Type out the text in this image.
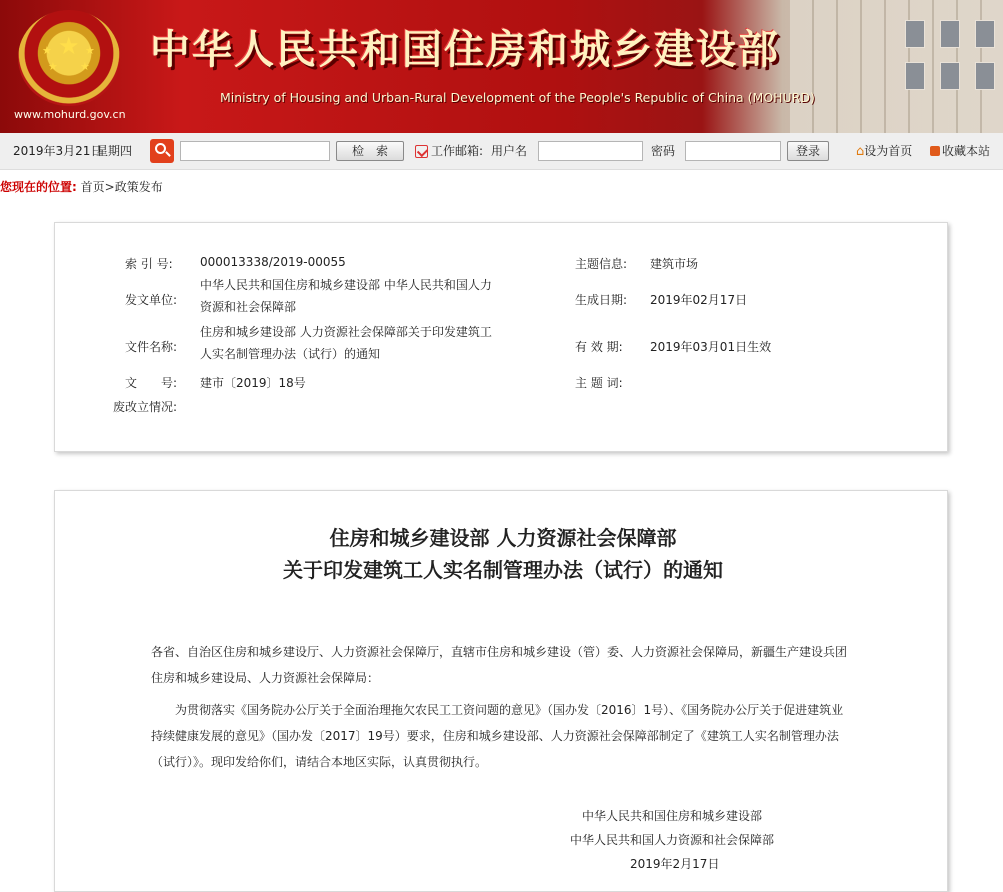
★
★	★
★ ★
www.mohurd.gov.cn
中华人民共和国住房和城乡建设部
Ministry of Housing and Urban-Rural Development of the People's Republic of China (MOHURD)
2019年3月21日
星期四	检　索	工作邮箱: 用户名	密码	登录	⌂设为首页	收藏本站
您现在的位置: 首页>政策发布
索 引 号: 000013338/2019-00055	主题信息: 建筑市场
发文单位:
中华人民共和国住房和城乡建设部 中华人民共和国人力资源和社会保障部	生成日期: 2019年02月17日
文件名称:
住房和城乡建设部 人力资源社会保障部关于印发建筑工人实名制管理办法（试行）的通知	有 效 期: 2019年03月01日生效
文　　号: 建市〔2019〕18号	主 题 词:
废改立情况:
住房和城乡建设部 人力资源社会保障部
关于印发建筑工人实名制管理办法（试行）的通知
各省、自治区住房和城乡建设厅、人力资源社会保障厅，直辖市住房和城乡建设（管）委、人力资源社会保障局，新疆生产建设兵团住房和城乡建设局、人力资源社会保障局：
为贯彻落实《国务院办公厅关于全面治理拖欠农民工工资问题的意见》（国办发〔2016〕1号）、《国务院办公厅关于促进建筑业持续健康发展的意见》（国办发〔2017〕19号）要求，住房和城乡建设部、人力资源社会保障部制定了《建筑工人实名制管理办法（试行）》。现印发给你们，请结合本地区实际，认真贯彻执行。
中华人民共和国住房和城乡建设部
中华人民共和国人力资源和社会保障部
2019年2月17日
